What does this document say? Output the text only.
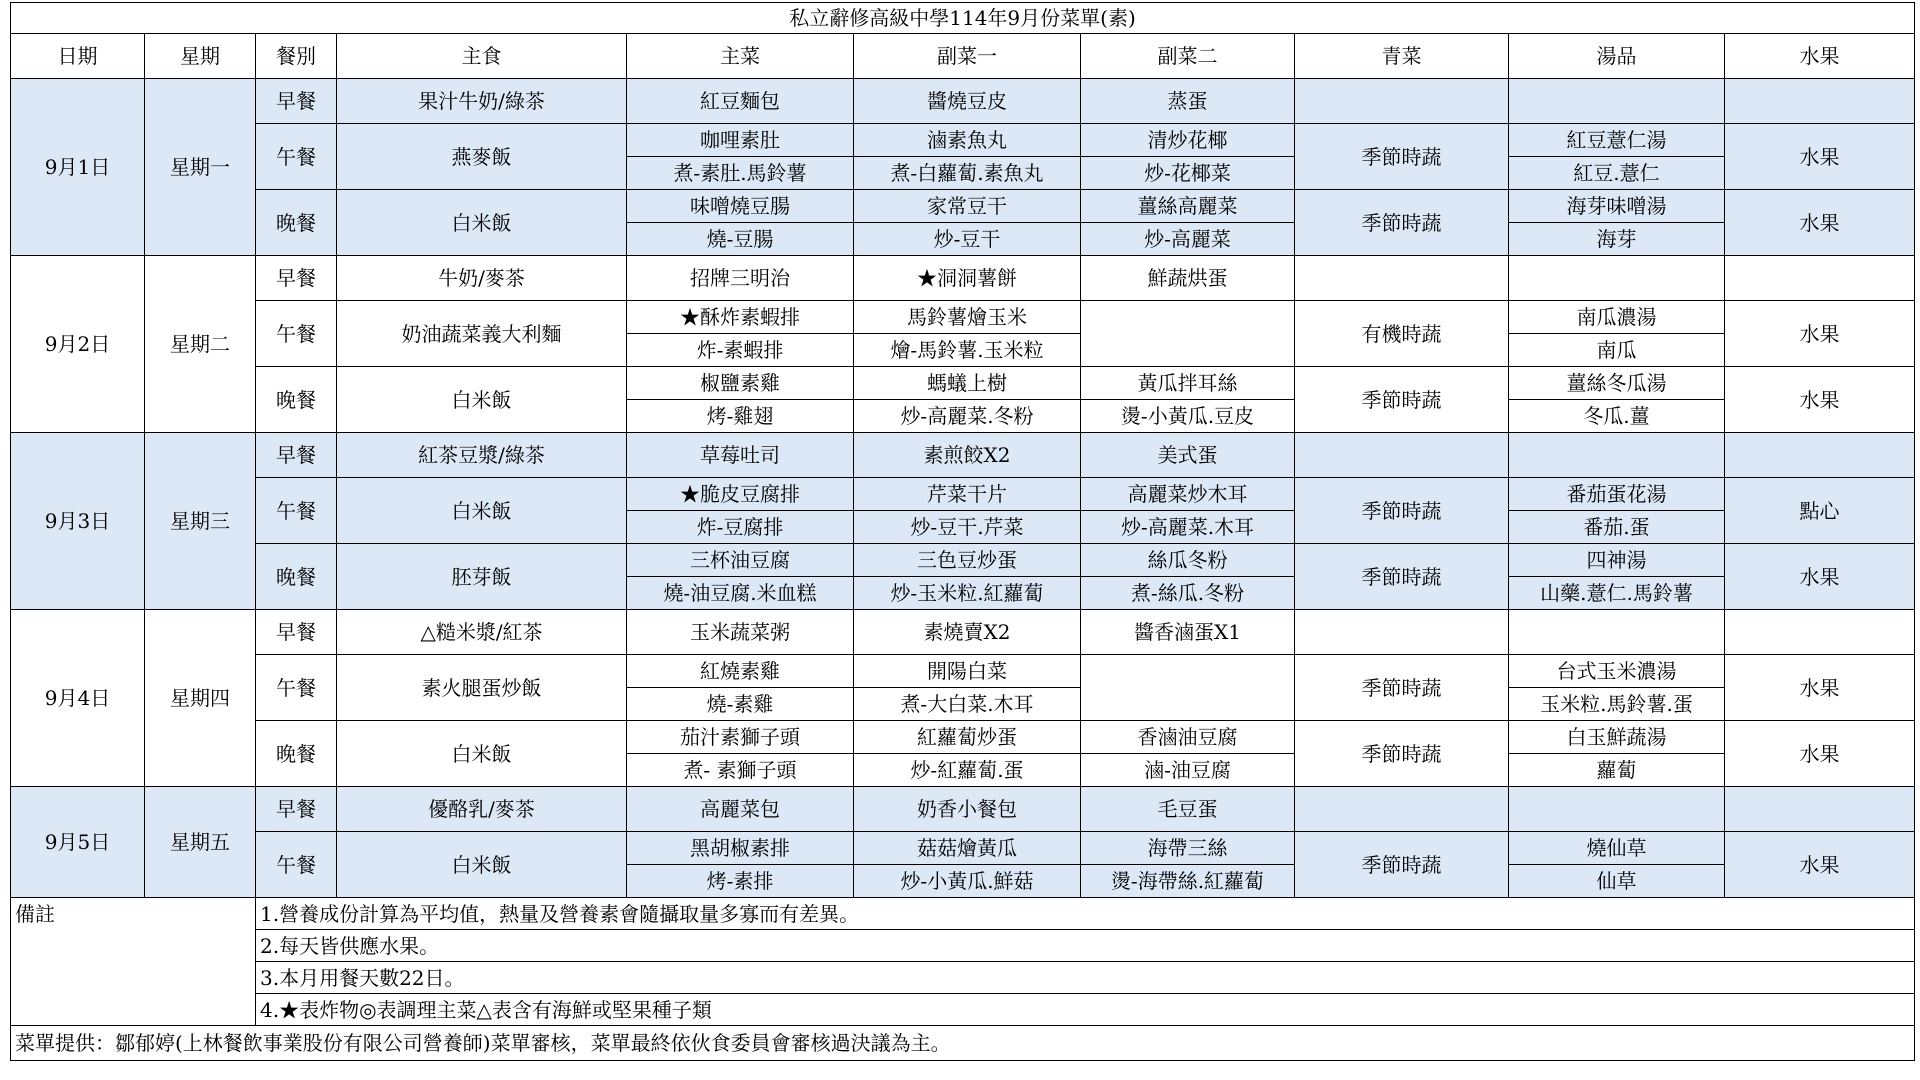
私立辭修高級中學114年9月份菜單(素)									
日期	星期	餐別	主食	主菜	副菜一	副菜二	青菜	湯品	水果
9月1日	星期一	早餐	果汁牛奶/綠茶	紅豆麵包	醬燒豆皮	蒸蛋			
		午餐	燕麥飯	咖哩素肚	滷素魚丸	清炒花椰	季節時蔬	紅豆薏仁湯	水果
				煮-素肚.馬鈴薯	煮-白蘿蔔.素魚丸	炒-花椰菜		紅豆.薏仁	
		晚餐	白米飯	味噌燒豆腸	家常豆干	薑絲高麗菜	季節時蔬	海芽味噌湯	水果
				燒-豆腸	炒-豆干	炒-高麗菜		海芽	
9月2日	星期二	早餐	牛奶/麥茶	招牌三明治	★洞洞薯餅	鮮蔬烘蛋			
		午餐	奶油蔬菜義大利麵	★酥炸素蝦排	馬鈴薯燴玉米		有機時蔬	南瓜濃湯	水果
				炸-素蝦排	燴-馬鈴薯.玉米粒			南瓜	
		晚餐	白米飯	椒鹽素雞	螞蟻上樹	黃瓜拌耳絲	季節時蔬	薑絲冬瓜湯	水果
				烤-雞翅	炒-高麗菜.冬粉	燙-小黃瓜.豆皮		冬瓜.薑	
9月3日	星期三	早餐	紅茶豆漿/綠茶	草莓吐司	素煎餃X2	美式蛋			
		午餐	白米飯	★脆皮豆腐排	芹菜干片	高麗菜炒木耳	季節時蔬	番茄蛋花湯	點心
				炸-豆腐排	炒-豆干.芹菜	炒-高麗菜.木耳		番茄.蛋	
		晚餐	胚芽飯	三杯油豆腐	三色豆炒蛋	絲瓜冬粉	季節時蔬	四神湯	水果
				燒-油豆腐.米血糕	炒-玉米粒.紅蘿蔔	煮-絲瓜.冬粉		山藥.薏仁.馬鈴薯	
9月4日	星期四	早餐	△糙米漿/紅茶	玉米蔬菜粥	素燒賣X2	醬香滷蛋X1			
		午餐	素火腿蛋炒飯	紅燒素雞	開陽白菜		季節時蔬	台式玉米濃湯	水果
				燒-素雞	煮-大白菜.木耳			玉米粒.馬鈴薯.蛋	
		晚餐	白米飯	茄汁素獅子頭	紅蘿蔔炒蛋	香滷油豆腐	季節時蔬	白玉鮮蔬湯	水果
				煮- 素獅子頭	炒-紅蘿蔔.蛋	滷-油豆腐		蘿蔔	
9月5日	星期五	早餐	優酪乳/麥茶	高麗菜包	奶香小餐包	毛豆蛋			
		午餐	白米飯	黑胡椒素排	菇菇燴黃瓜	海帶三絲	季節時蔬	燒仙草	水果
				烤-素排	炒-小黃瓜.鮮菇	燙-海帶絲.紅蘿蔔		仙草	
備註		1.營養成份計算為平均值，熱量及營養素會隨攝取量多寡而有差異。							
		2.每天皆供應水果。							
		3.本月用餐天數22日。							
		4.★表炸物◎表調理主菜△表含有海鮮或堅果種子類							
菜單提供：鄒郁婷(上林餐飲事業股份有限公司營養師)菜單審核，菜單最終依伙食委員會審核過決議為主。									
